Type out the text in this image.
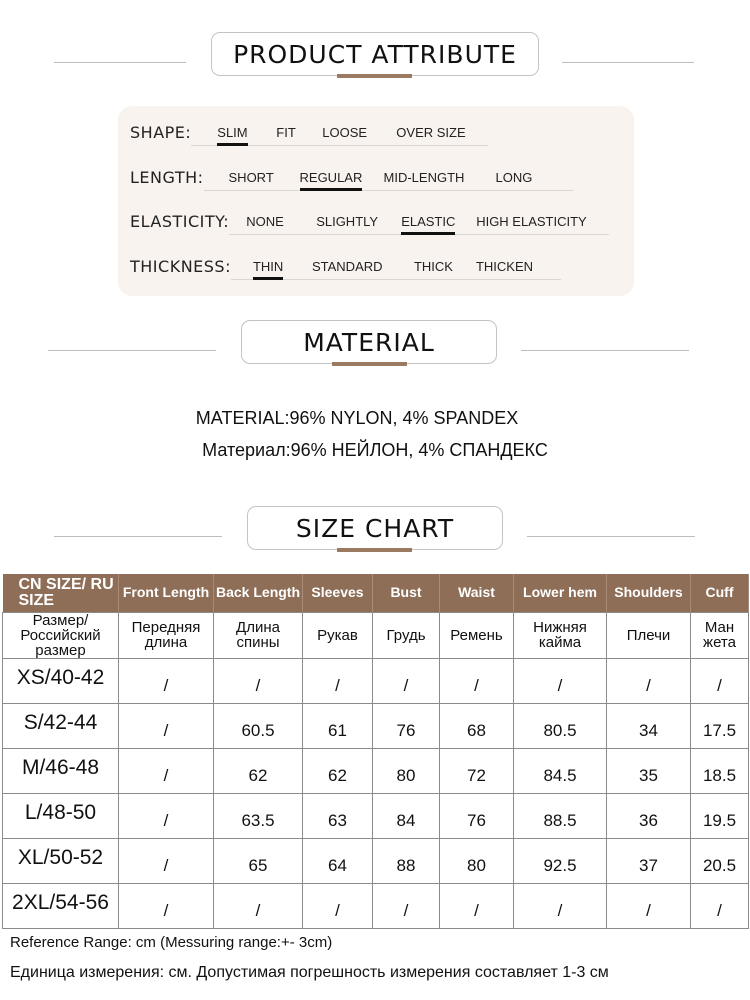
PRODUCT ATTRIBUTE
SHAPE: SLIM FIT LOOSE OVER SIZE
LENGTH: SHORT REGULAR MID-LENGTH LONG
ELASTICITY: NONE SLIGHTLY ELASTIC HIGH ELASTICITY
THICKNESS: THIN STANDARD THICK THICKEN
MATERIAL
MATERIAL:96% NYLON, 4% SPANDEX
Материал:96% НЕЙЛОН, 4% СПАНДЕКС
SIZE CHART
CN SIZE/ RU SIZE	Front Length	Back Length	Sleeves	Bust	Waist	Lower hem	Shoulders	Cuff
Размер/ Российский размер	Передняя длина	Длина спины	Рукав	Грудь	Ремень	Нижняя кайма	Плечи	Ман жета
XS/40-42	/	/	/	/	/	/	/	/
S/42-44	/	60.5	61	76	68	80.5	34	17.5
M/46-48	/	62	62	80	72	84.5	35	18.5
L/48-50	/	63.5	63	84	76	88.5	36	19.5
XL/50-52	/	65	64	88	80	92.5	37	20.5
2XL/54-56	/	/	/	/	/	/	/	/
Reference Range: cm (Messuring range:+- 3cm)
Единица измерения: см. Допустимая погрешность измерения составляет 1-3 см
